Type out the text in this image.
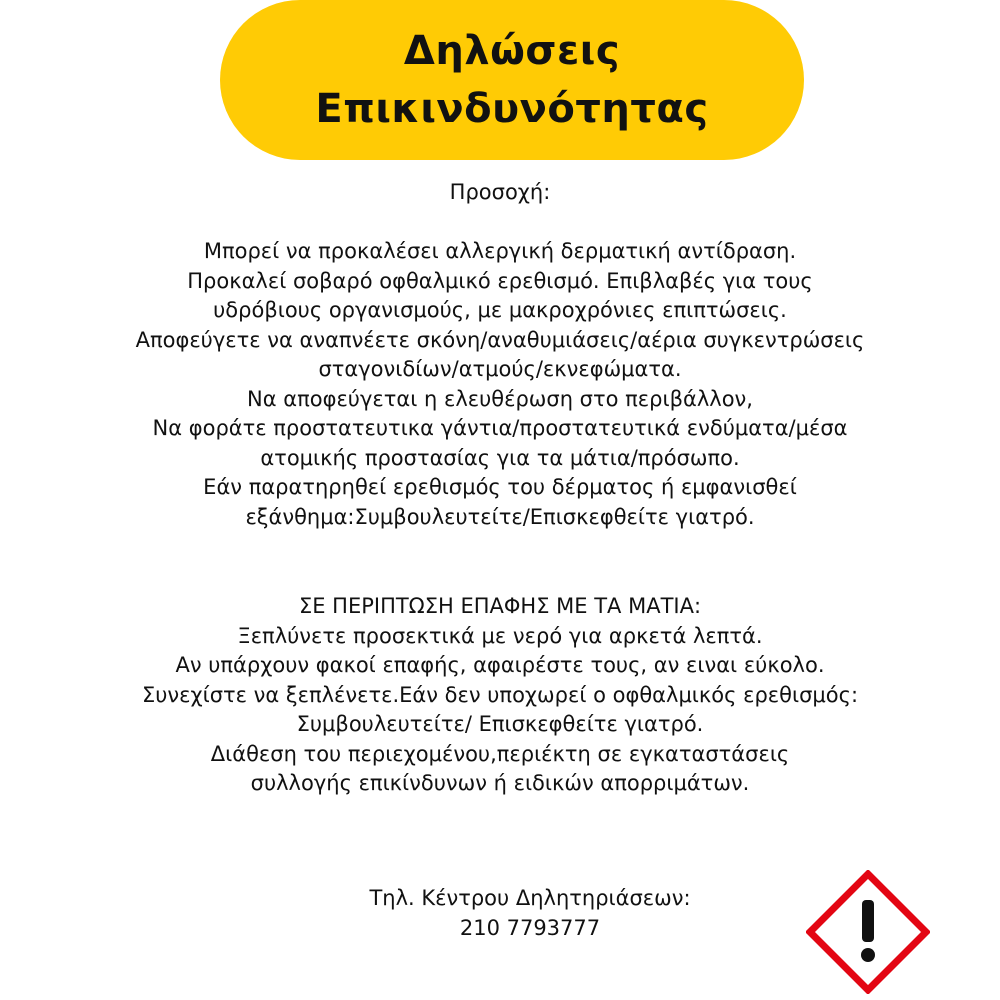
Δηλώσεις
Επικινδυνότητας
Προσοχή:
Μπορεί να προκαλέσει αλλεργική δερματική αντίδραση.
Προκαλεί σοβαρό οφθαλμικό ερεθισμό. Επιβλαβές για τους
υδρόβιους οργανισμούς, με μακροχρόνιες επιπτώσεις.
Αποφεύγετε να αναπνέετε σκόνη/αναθυμιάσεις/αέρια συγκεντρώσεις
σταγονιδίων/ατμούς/εκνεφώματα.
Να αποφεύγεται η ελευθέρωση στο περιβάλλον,
Να φοράτε προστατευτικα γάντια/προστατευτικά ενδύματα/μέσα
ατομικής προστασίας για τα μάτια/πρόσωπο.
Εάν παρατηρηθεί ερεθισμός του δέρματος ή εμφανισθεί
εξάνθημα:Συμβουλευτείτε/Επισκεφθείτε γιατρό.
ΣΕ ΠΕΡΙΠΤΩΣΗ ΕΠΑΦΗΣ ΜΕ ΤΑ ΜΑΤΙΑ:
Ξεπλύνετε προσεκτικά με νερό για αρκετά λεπτά.
Αν υπάρχουν φακοί επαφής, αφαιρέστε τους, αν ειναι εύκολο.
Συνεχίστε να ξεπλένετε.Εάν δεν υποχωρεί ο οφθαλμικός ερεθισμός:
Συμβουλευτείτε/ Επισκεφθείτε γιατρό.
Διάθεση του περιεχομένου,περιέκτη σε εγκαταστάσεις
συλλογής επικίνδυνων ή ειδικών απορριμάτων.
Τηλ. Κέντρου Δηλητηριάσεων:
210 7793777
